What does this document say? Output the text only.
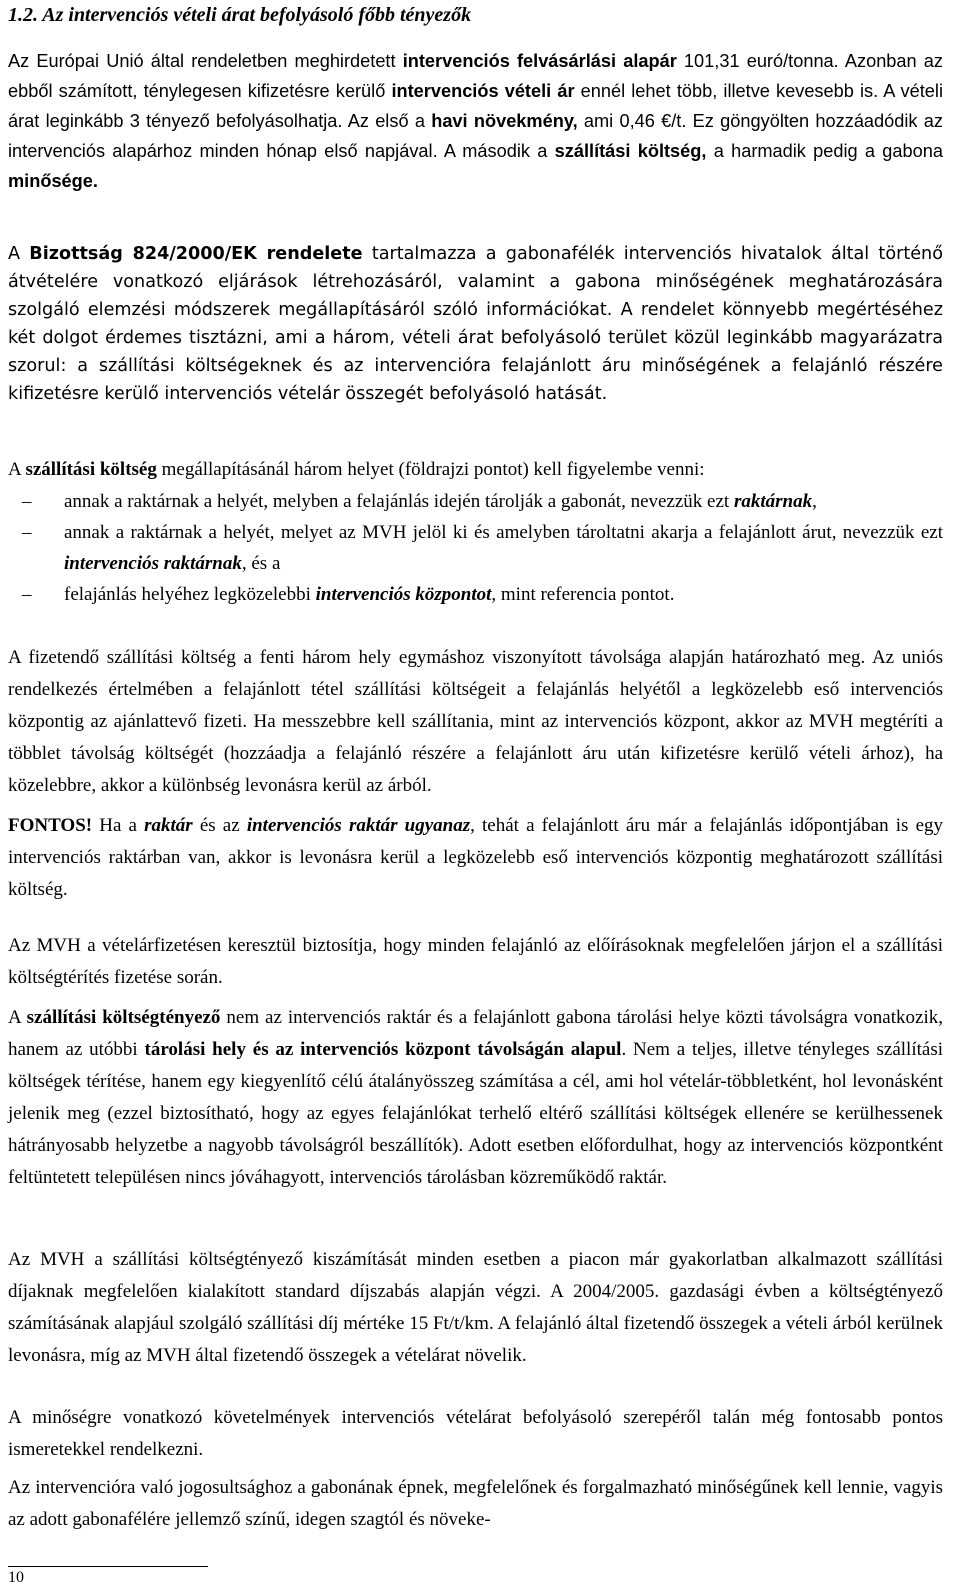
1.2. Az intervenciós vételi árat befolyásoló főbb tényezők

Az Európai Unió által rendeletben meghirdetett intervenciós felvásárlási alapár 101,31 euró/tonna. Azonban az ebből számított, ténylegesen kifizetésre kerülő intervenciós vételi ár ennél lehet több, illetve kevesebb is. A vételi árat leginkább 3 tényező befolyásolhatja. Az első a havi növekmény, ami 0,46 €/t. Ez göngyölten hozzáadódik az intervenciós alapárhoz minden hónap első napjával. A második a szállítási költség, a harmadik pedig a gabona minősége.

A Bizottság 824/2000/EK rendelete tartalmazza a gabonafélék intervenciós hivatalok által történő átvételére vonatkozó eljárások létrehozásáról, valamint a gabona minőségének meghatározására szolgáló elemzési módszerek megállapításáról szóló információkat. A rendelet könnyebb megértéséhez két dolgot érdemes tisztázni, ami a három, vételi árat befolyásoló terület közül leginkább magyarázatra szorul: a szállítási költségeknek és az intervencióra felajánlott áru minőségének a felajánló részére kifizetésre kerülő intervenciós vételár összegét befolyásoló hatását.

A szállítási költség megállapításánál három helyet (földrajzi pontot) kell figyelembe venni:

– annak a raktárnak a helyét, melyben a felajánlás idején tárolják a gabonát, nevezzük ezt raktárnak,
– annak a raktárnak a helyét, melyet az MVH jelöl ki és amelyben tároltatni akarja a felajánlott árut, nevezzük ezt intervenciós raktárnak, és a
– felajánlás helyéhez legközelebbi intervenciós központot, mint referencia pontot.

A fizetendő szállítási költség a fenti három hely egymáshoz viszonyított távolsága alapján határozható meg. Az uniós rendelkezés értelmében a felajánlott tétel szállítási költségeit a felajánlás helyétől a legközelebb eső intervenciós központig az ajánlattevő fizeti. Ha messzebbre kell szállítania, mint az intervenciós központ, akkor az MVH megtéríti a többlet távolság költségét (hozzáadja a felajánló részére a felajánlott áru után kifizetésre kerülő vételi árhoz), ha közelebbre, akkor a különbség levonásra kerül az árból.

FONTOS! Ha a raktár és az intervenciós raktár ugyanaz, tehát a felajánlott áru már a felajánlás időpontjában is egy intervenciós raktárban van, akkor is levonásra kerül a legközelebb eső intervenciós központig meghatározott szállítási költség.

Az MVH a vételárfizetésen keresztül biztosítja, hogy minden felajánló az előírásoknak megfelelően járjon el a szállítási költségtérítés fizetése során.

A szállítási költségtényező nem az intervenciós raktár és a felajánlott gabona tárolási helye közti távolságra vonatkozik, hanem az utóbbi tárolási hely és az intervenciós központ távolságán alapul. Nem a teljes, illetve tényleges szállítási költségek térítése, hanem egy kiegyenlítő célú átalányösszeg számítása a cél, ami hol vételár-többletként, hol levonásként jelenik meg (ezzel biztosítható, hogy az egyes felajánlókat terhelő eltérő szállítási költségek ellenére se kerülhessenek hátrányosabb helyzetbe a nagyobb távolságról beszállítók). Adott esetben előfordulhat, hogy az intervenciós központként feltüntetett településen nincs jóváhagyott, intervenciós tárolásban közreműködő raktár.

Az MVH a szállítási költségtényező kiszámítását minden esetben a piacon már gyakorlatban alkalmazott szállítási díjaknak megfelelően kialakított standard díjszabás alapján végzi. A 2004/2005. gazdasági évben a költségtényező számításának alapjául szolgáló szállítási díj mértéke 15 Ft/t/km. A felajánló által fizetendő összegek a vételi árból kerülnek levonásra, míg az MVH által fizetendő összegek a vételárat növelik.

A minőségre vonatkozó követelmények intervenciós vételárat befolyásoló szerepéről talán még fontosabb pontos ismeretekkel rendelkezni.

Az intervencióra való jogosultsághoz a gabonának épnek, megfelelőnek és forgalmazható minőségűnek kell lennie, vagyis az adott gabonafélére jellemző színű, idegen szagtól és növeke-

10
